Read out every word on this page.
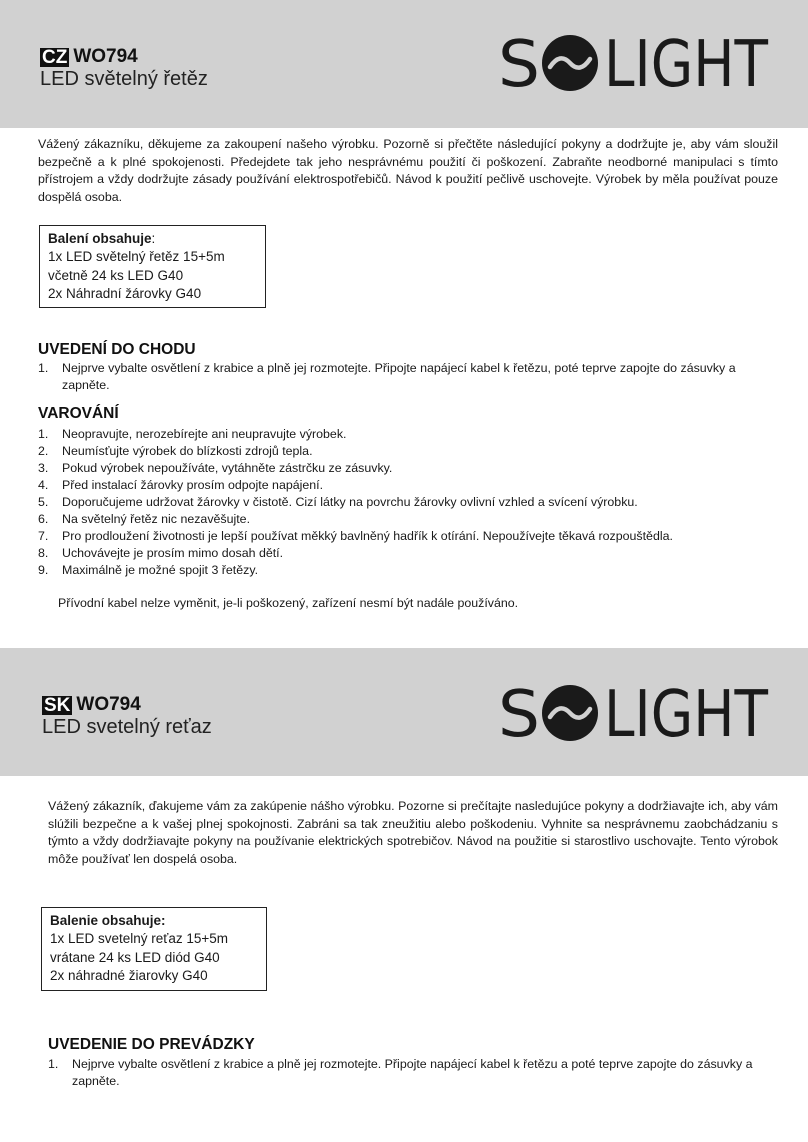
CZ WO794
LED světelný řetěz	S LIGHT

Vážený zákazníku, děkujeme za zakoupení našeho výrobku. Pozorně si přečtěte následující pokyny a dodržujte je, aby vám sloužil bezpečně a k plné spokojenosti. Předejdete tak jeho nesprávnému použití či poškození. Zabraňte neodborné manipulaci s tímto přístrojem a vždy dodržujte zásady používání elektrospotřebičů. Návod k použití pečlivě uschovejte. Výrobek by měla používat pouze dospělá osoba.

Balení obsahuje:
1x LED světelný řetěz 15+5m
včetně 24 ks LED G40
2x Náhradní žárovky G40
UVEDENÍ DO CHODU
1. Nejprve vybalte osvětlení z krabice a plně jej rozmotejte. Připojte napájecí kabel k řetězu, poté teprve zapojte do zásuvky a zapněte.
VAROVÁNÍ
1. Neopravujte, nerozebírejte ani neupravujte výrobek.
2. Neumísťujte výrobek do blízkosti zdrojů tepla.
3. Pokud výrobek nepoužíváte, vytáhněte zástrčku ze zásuvky.
4. Před instalací žárovky prosím odpojte napájení.
5. Doporučujeme udržovat žárovky v čistotě. Cizí látky na povrchu žárovky ovlivní vzhled a svícení výrobku.
6. Na světelný řetěz nic nezavěšujte.
7. Pro prodloužení životnosti je lepší používat měkký bavlněný hadřík k otírání. Nepoužívejte těkavá rozpouštědla.
8. Uchovávejte je prosím mimo dosah dětí.
9. Maximálně je možné spojit 3 řetězy.
Přívodní kabel nelze vyměnit, je-li poškozený, zařízení nesmí být nadále používáno.
SK WO794
LED svetelný reťaz	S LIGHT

Vážený zákazník, ďakujeme vám za zakúpenie nášho výrobku. Pozorne si prečítajte nasledujúce pokyny a dodržiavajte ich, aby vám slúžili bezpečne a k vašej plnej spokojnosti. Zabráni sa tak zneužitiu alebo poškodeniu. Vyhnite sa nesprávnemu zaobchádzaniu s týmto a vždy dodržiavajte pokyny na používanie elektrických spotrebičov. Návod na použitie si starostlivo uschovajte. Tento výrobok môže používať len dospelá osoba.

Balenie obsahuje:
1x LED svetelný reťaz 15+5m
vrátane 24 ks LED diód G40
2x náhradné žiarovky G40
UVEDENIE DO PREVÁDZKY
1. Nejprve vybalte osvětlení z krabice a plně jej rozmotejte. Připojte napájecí kabel k řetězu a poté teprve zapojte do zásuvky a zapněte.
